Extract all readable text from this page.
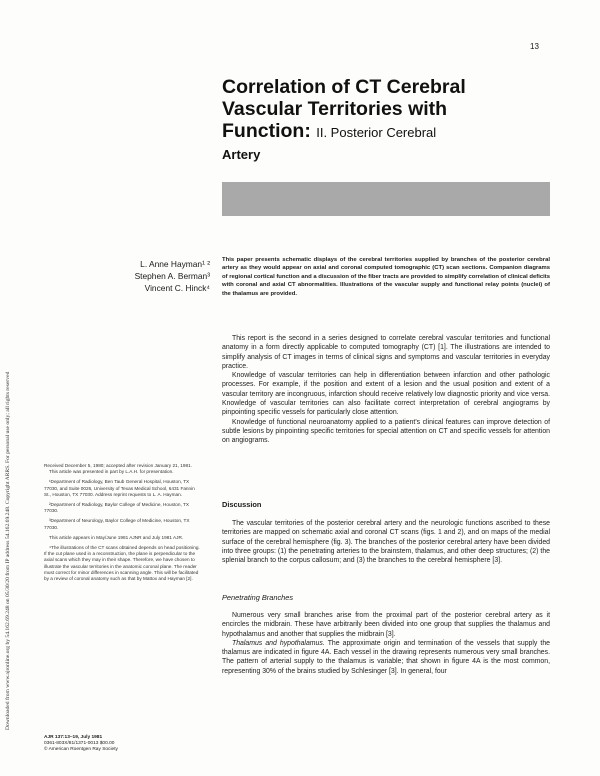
Downloaded from www.ajronline.org by 54.162.69.248 on 05/30/20 from IP address 54.162.69.248. Copyright ARRS. For personal use only; all rights reserved
13
Correlation of CT Cerebral
Vascular Territories with
Function: II. Posterior Cerebral
Artery
L. Anne Hayman¹ ²
Stephen A. Berman³
Vincent C. Hinck⁴
This paper presents schematic displays of the cerebral territories supplied by branches of the posterior cerebral artery as they would appear on axial and coronal computed tomographic (CT) scan sections. Companion diagrams of regional cortical function and a discussion of the fiber tracts are provided to simplify correlation of clinical deficits with coronal and axial CT abnormalities. Illustrations of the vascular supply and functional relay points (nuclei) of the thalamus are provided.

This report is the second in a series designed to correlate cerebral vascular territories and functional anatomy in a form directly applicable to computed tomography (CT) [1]. The illustrations are intended to simplify analysis of CT images in terms of clinical signs and symptoms and vascular territories in everyday practice.

Knowledge of vascular territories can help in differentiation between infarction and other pathologic processes. For example, if the position and extent of a lesion and the usual position and extent of a vascular territory are incongruous, infarction should receive relatively low diagnostic priority and vice versa. Knowledge of vascular territories can also facilitate correct interpretation of cerebral angiograms by pinpointing specific vessels for particularly close attention.

Knowledge of functional neuroanatomy applied to a patient's clinical features can improve detection of subtle lesions by pinpointing specific territories for special attention on CT and specific vessels for attention on angiograms.

Discussion

The vascular territories of the posterior cerebral artery and the neurologic functions ascribed to these territories are mapped on schematic axial and coronal CT scans (figs. 1 and 2), and on maps of the medial surface of the cerebral hemisphere (fig. 3). The branches of the posterior cerebral artery have been divided into three groups: (1) the penetrating arteries to the brainstem, thalamus, and other deep structures; (2) the splenial branch to the corpus callosum; and (3) the branches to the cerebral hemisphere [3].

Penetrating Branches

Numerous very small branches arise from the proximal part of the posterior cerebral artery as it encircles the midbrain. These have arbitrarily been divided into one group that supplies the thalamus and hypothalamus and another that supplies the midbrain [3].

Thalamus and hypothalamus. The approximate origin and termination of the vessels that supply the thalamus are indicated in figure 4A. Each vessel in the drawing represents numerous very small branches. The pattern of arterial supply to the thalamus is variable; that shown in figure 4A is the most common, representing 30% of the brains studied by Schlesinger [3]. In general, four

Received December 5, 1980; accepted after revision January 21, 1981.

This article was presented in part by L.A.H. for presentation.

¹Department of Radiology, Ben Taub General Hospital, Houston, TX 77030, and Suite 0026, University of Texas Medical School, 6431 Fannin St., Houston, TX 77030. Address reprint requests to L. A. Hayman.

²Department of Radiology, Baylor College of Medicine, Houston, TX 77030.

³Department of Neurology, Baylor College of Medicine, Houston, TX 77030.

This article appears in May/June 1981 AJNR and July 1981 AJR.

⁴The illustrations of the CT scans obtained depends on head positioning. If the cut plane used in a reconstruction, the plane is perpendicular to the axial scans which they may in their shape. Therefore, we have chosen to illustrate the vascular territories in the anatomic coronal plane. The reader must correct for minor differences in scanning angle. This will be facilitated by a review of coronal anatomy such as that by Mattox and Hayman [2].

AJR 137:13–19, July 1981
0361-803X/81/1371-0013 $00.00
© American Roentgen Ray Society
